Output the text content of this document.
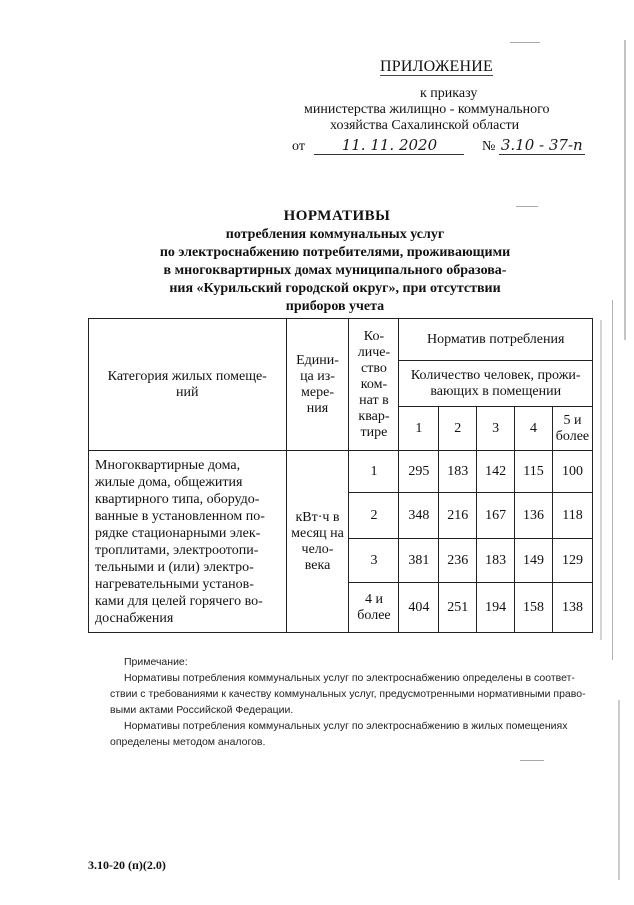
ПРИЛОЖЕНИЕ
к приказу
министерства жилищно - коммунального
хозяйства Сахалинской области
от 11. 11. 2020	№ 3.10 - 37-п
НОРМАТИВЫ
потребления коммунальных услуг
по электроснабжению потребителями, проживающими
в многоквартирных домах муниципального образова-
ния «Курильский городской округ», при отсутствии
приборов учета
Категория жилых помеще- ний	Едини- ца из- мере- ния	Ко- личе- ство ком- нат в квар- тире	Норматив потребления				
			Количество человек, прожи- вающих в помещении				
			1	2	3	4	5 и более
Многоквартирные дома, жилые дома, общежития квартирного типа, оборудо- ванные в установленном по- рядке стационарными элек- троплитами, электроотопи- тельными и (или) электро- нагревательными установ- ками для целей горячего во- доснабжения	кВт·ч в месяц на чело- века	1	295	183	142	115	100
		2	348	216	167	136	118
		3	381	236	183	149	129
		4 и более	404	251	194	158	138
Примечание:
Нормативы потребления коммунальных услуг по электроснабжению определены в соответ- ствии с требованиями к качеству коммунальных услуг, предусмотренными нормативными право- выми актами Российской Федерации.
Нормативы потребления коммунальных услуг по электроснабжению в жилых помещениях определены методом аналогов.
3.10-20 (п)(2.0)
